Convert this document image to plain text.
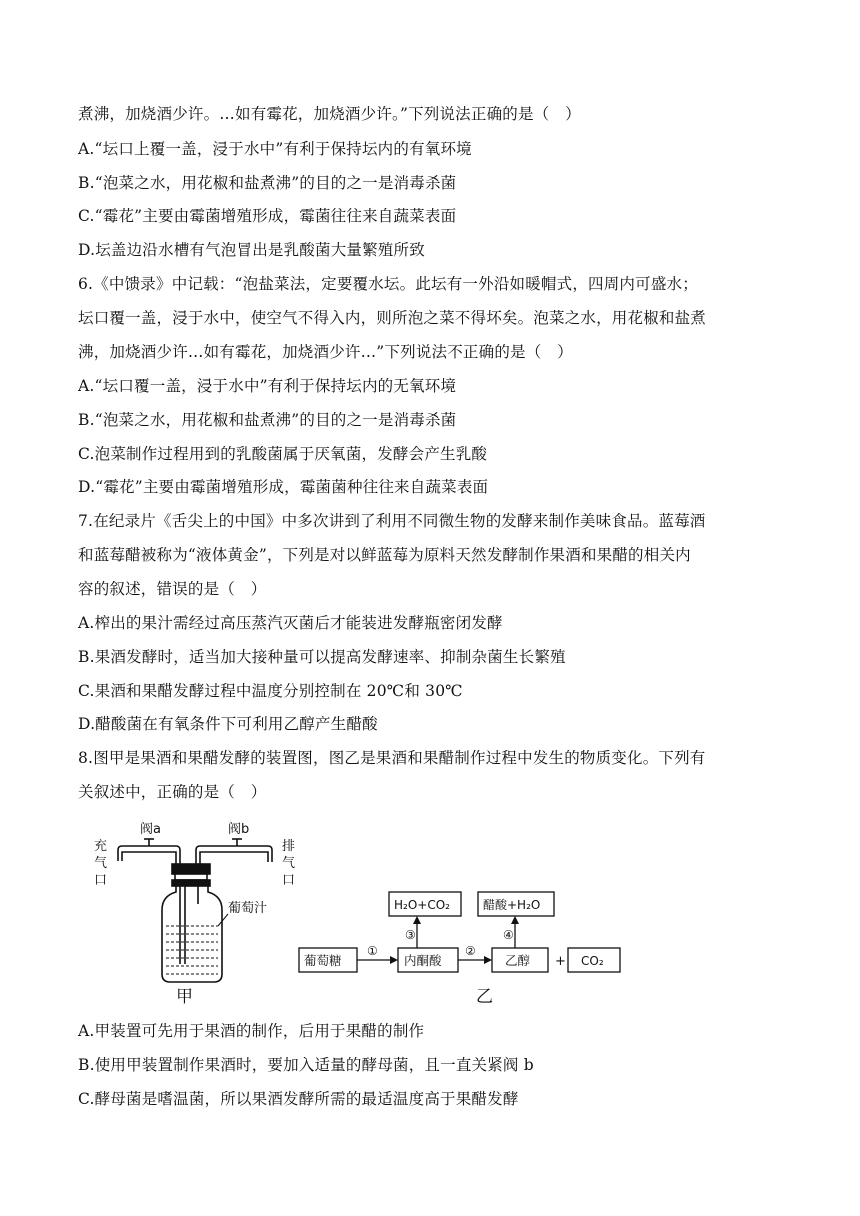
煮沸，加烧酒少许。…如有霉花，加烧酒少许。”下列说法正确的是（　）
A.“坛口上覆一盖，浸于水中”有利于保持坛内的有氧环境
B.“泡菜之水，用花椒和盐煮沸”的目的之一是消毒杀菌
C.“霉花”主要由霉菌增殖形成，霉菌往往来自蔬菜表面
D.坛盖边沿水槽有气泡冒出是乳酸菌大量繁殖所致
6.《中馈录》中记载：“泡盐菜法，定要覆水坛。此坛有一外沿如暖帽式，四周内可盛水；
坛口覆一盖，浸于水中，使空气不得入内，则所泡之菜不得坏矣。泡菜之水，用花椒和盐煮
沸，加烧酒少许…如有霉花，加烧酒少许…”下列说法不正确的是（　）
A.“坛口覆一盖，浸于水中”有利于保持坛内的无氧环境
B.“泡菜之水，用花椒和盐煮沸”的目的之一是消毒杀菌
C.泡菜制作过程用到的乳酸菌属于厌氧菌，发酵会产生乳酸
D.“霉花”主要由霉菌增殖形成，霉菌菌种往往来自蔬菜表面
7.在纪录片《舌尖上的中国》中多次讲到了利用不同微生物的发酵来制作美味食品。蓝莓酒
和蓝莓醋被称为“液体黄金”，下列是对以鲜蓝莓为原料天然发酵制作果酒和果醋的相关内
容的叙述，错误的是（　）
A.榨出的果汁需经过高压蒸汽灭菌后才能装进发酵瓶密闭发酵
B.果酒发酵时，适当加大接种量可以提高发酵速率、抑制杂菌生长繁殖
C.果酒和果醋发酵过程中温度分别控制在 20℃和 30℃
D.醋酸菌在有氧条件下可利用乙醇产生醋酸
8.图甲是果酒和果醋发酵的装置图，图乙是果酒和果醋制作过程中发生的物质变化。下列有
关叙述中，正确的是（　）
阀a	阀b
充
气
口
排
气
口
葡萄汁
甲
葡萄糖	内酮酸	乙醇 + CO₂
H₂O+CO₂	醋酸+H₂O
①	②
③	④
乙
A.甲装置可先用于果酒的制作，后用于果醋的制作
B.使用甲装置制作果酒时，要加入适量的酵母菌，且一直关紧阀 b
C.酵母菌是嗜温菌，所以果酒发酵所需的最适温度高于果醋发酵
